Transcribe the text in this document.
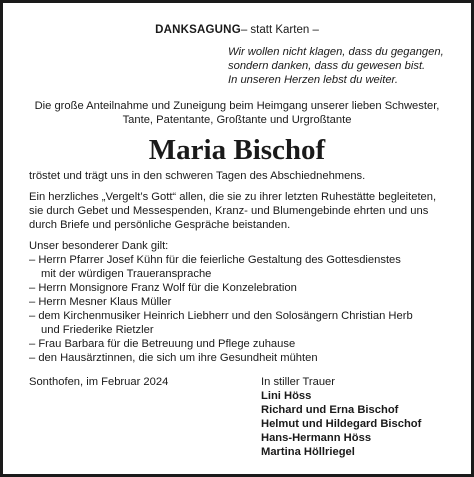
DANKSAGUNG– statt Karten –
Wir wollen nicht klagen, dass du gegangen,
sondern danken, dass du gewesen bist.
In unseren Herzen lebst du weiter.

Die große Anteilnahme und Zuneigung beim Heimgang unserer lieben Schwester, Tante, Patentante, Großtante und Urgroßtante

Maria Bischof

tröstet und trägt uns in den schweren Tagen des Abschiednehmens.

Ein herzliches „Vergelt’s Gott“ allen, die sie zu ihrer letzten Ruhestätte begleiteten, sie durch Gebet und Messespenden, Kranz- und Blumengebinde ehrten und uns durch Briefe und persönliche Gespräche beistanden.

Unser besonderer Dank gilt:

– Herrn Pfarrer Josef Kühn für die feierliche Gestaltung des Gottesdienstes
mit der würdigen Traueransprache
– Herrn Monsignore Franz Wolf für die Konzelebration
– Herrn Mesner Klaus Müller
– dem Kirchenmusiker Heinrich Liebherr und den Solosängern Christian Herb
und Friederike Rietzler
– Frau Barbara für die Betreuung und Pflege zuhause
– den Hausärztinnen, die sich um ihre Gesundheit mühten
Sonthofen, im Februar 2024	In stiller Trauer
Lini Höss
Richard und Erna Bischof
Helmut und Hildegard Bischof
Hans-Hermann Höss
Martina Höllriegel
